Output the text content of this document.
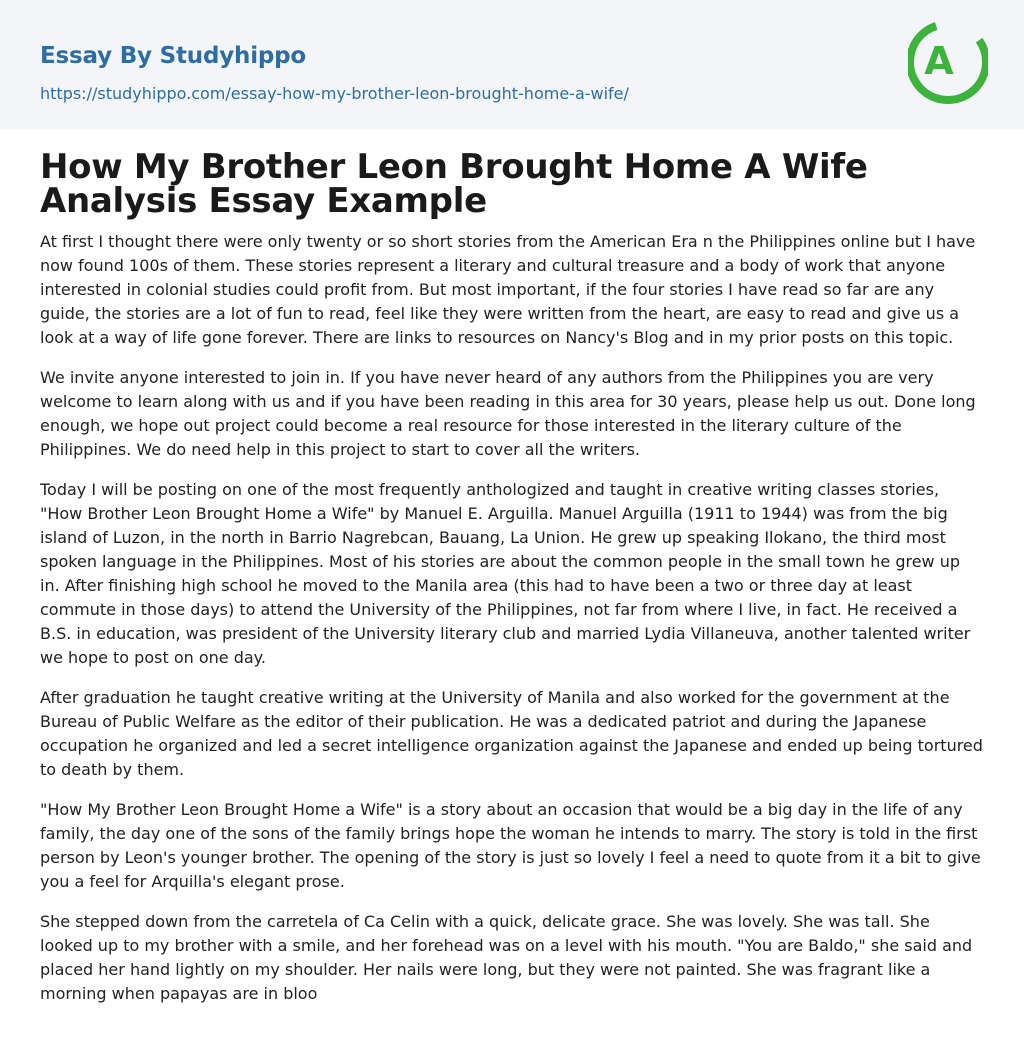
Essay By Studyhippo
https://studyhippo.com/essay-how-my-brother-leon-brought-home-a-wife/
A
How My Brother Leon Brought Home A Wife Analysis Essay Example

At first I thought there were only twenty or so short stories from the American Era n the Philippines online but I have now found 100s of them. These stories represent a literary and cultural treasure and a body of work that anyone interested in colonial studies could profit from. But most important, if the four stories I have read so far are any guide, the stories are a lot of fun to read, feel like they were written from the heart, are easy to read and give us a look at a way of life gone forever. There are links to resources on Nancy's Blog and in my prior posts on this topic.

We invite anyone interested to join in. If you have never heard of any authors from the Philippines you are very welcome to learn along with us and if you have been reading in this area for 30 years, please help us out. Done long enough, we hope out project could become a real resource for those interested in the literary culture of the Philippines. We do need help in this project to start to cover all the writers.

Today I will be posting on one of the most frequently anthologized and taught in creative writing classes stories, "How Brother Leon Brought Home a Wife" by Manuel E. Arguilla. Manuel Arguilla (1911 to 1944) was from the big island of Luzon, in the north in Barrio Nagrebcan, Bauang, La Union. He grew up speaking Ilokano, the third most spoken language in the Philippines. Most of his stories are about the common people in the small town he grew up in. After finishing high school he moved to the Manila area (this had to have been a two or three day at least commute in those days) to attend the University of the Philippines, not far from where I live, in fact. He received a B.S. in education, was president of the University literary club and married Lydia Villaneuva, another talented writer we hope to post on one day.

After graduation he taught creative writing at the University of Manila and also worked for the government at the Bureau of Public Welfare as the editor of their publication. He was a dedicated patriot and during the Japanese occupation he organized and led a secret intelligence organization against the Japanese and ended up being tortured to death by them.

"How My Brother Leon Brought Home a Wife" is a story about an occasion that would be a big day in the life of any family, the day one of the sons of the family brings hope the woman he intends to marry. The story is told in the first person by Leon's younger brother. The opening of the story is just so lovely I feel a need to quote from it a bit to give you a feel for Arquilla's elegant prose.

She stepped down from the carretela of Ca Celin with a quick, delicate grace. She was lovely. She was tall. She looked up to my brother with a smile, and her forehead was on a level with his mouth. "You are Baldo," she said and placed her hand lightly on my shoulder. Her nails were long, but they were not painted. She was fragrant like a morning when papayas are in bloo
